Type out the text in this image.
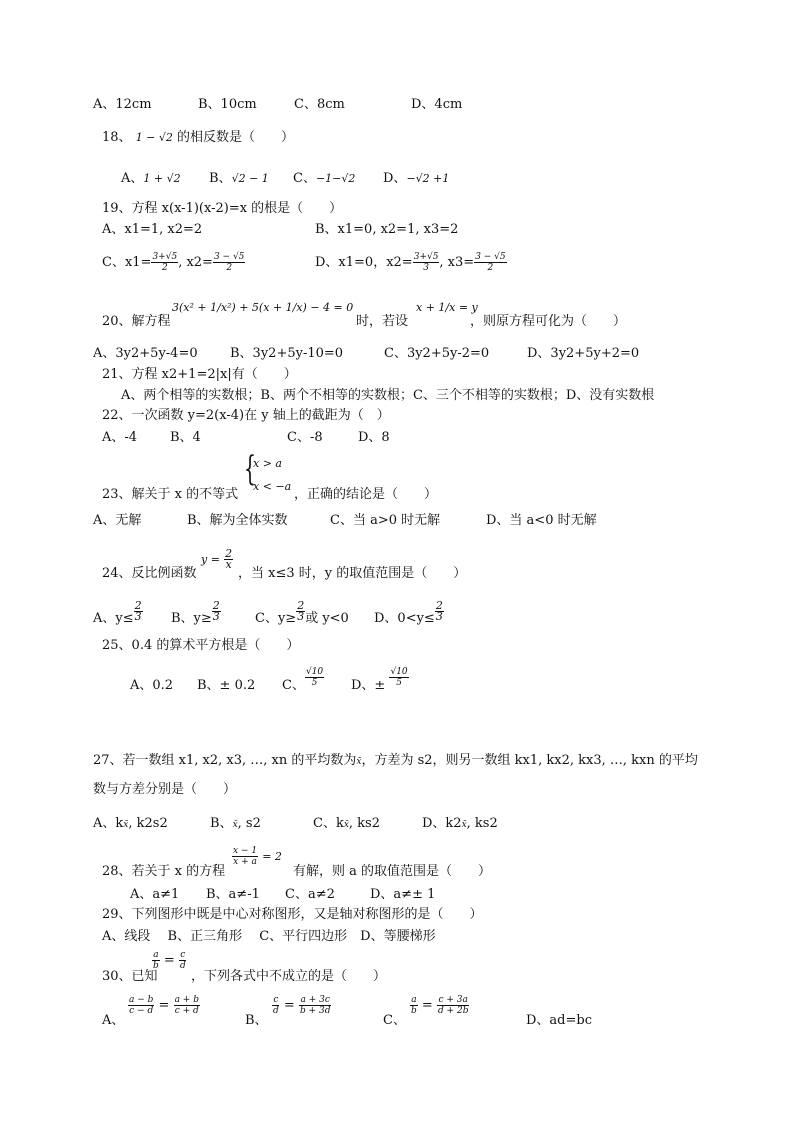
A、12cm	B、10cm	C、8cm	D、4cm
18、 1 − √2 的相反数是（　　）
A、1 + √2 B、√2 − 1 C、−1−√2 D、−√2 +1
19、方程 x(x-1)(x-2)=x 的根是（　　）
A、x1=1, x2=2	B、x1=0, x2=1, x3=2
C、$x1= \frac{3+√5}{2}$ , $x2= \frac{3 - √5}{2}$	D、x1=0，$x2= \frac{3+√5}{3}$ , $x3= \frac{3 - √5}{2}$
20、解方程
3(x² + 1/x²) + 5(x + 1/x) − 4 = 0
时，若设
x + 1/x = y
，则原方程可化为（　　）
A、3y2+5y-4=0 B、3y2+5y-10=0	C、3y2+5y-2=0	D、3y2+5y+2=0
21、方程 x2+1=2|x|有（　　）
A、两个相等的实数根；B、两个不相等的实数根；C、三个不相等的实数根；D、没有实数根
22、一次函数 y=2(x-4)在 y 轴上的截距为（　）
A、-4	B、4	C、-8	D、8
{
x > a
x < −a
23、解关于 x 的不等式	，正确的结论是（　　）
A、无解	B、解为全体实数	C、当 a>0 时无解	D、当 a<0 时无解
24、反比例函数
$y = \frac{2}{x}$
，当 x≤3 时，y 的取值范围是（　　）
A、$y\le \frac{2}{3}$ B、$y\ge \frac{2}{3}$	C、$y\ge \frac{2}{3}$ 或 y<0 D、$0<y\le \frac{2}{3}$
25、0.4 的算术平方根是（　　）
A、0.2 B、± 0.2 C、 $\frac{√10}{5}$ D、± $\frac{√10}{5}$
27、若一数组 x1, x2, x3, …, xn 的平均数为x̄，方差为 s2，则另一数组 kx1, kx2, kx3, …, kxn 的平均
数与方差分别是（　　）
A、kx̄, k2s2	B、x̄, s2	C、kx̄, ks2	D、k2x̄, ks2
28、若关于 x 的方程
$\frac{x - 1}{x + a} = 2$
有解，则 a 的取值范围是（　　）
A、a≠1 B、a≠-1 C、a≠2	D、a≠± 1
29、下列图形中既是中心对称图形，又是轴对称图形的是（　　）
A、线段　 B、正三角形　 C、平行四边形　D、等腰梯形
30、已知
$\frac{a}{b} = \frac{c}{d}$
，下列各式中不成立的是（　　）
A、
$\frac{a - b}{c - d} = \frac{a + b}{c + d}$
B、
$\frac{c}{d} = \frac{a + 3c}{b + 3d}$
C、
$\frac{a}{b} = \frac{c + 3a}{d + 2b}$
D、ad=bc
